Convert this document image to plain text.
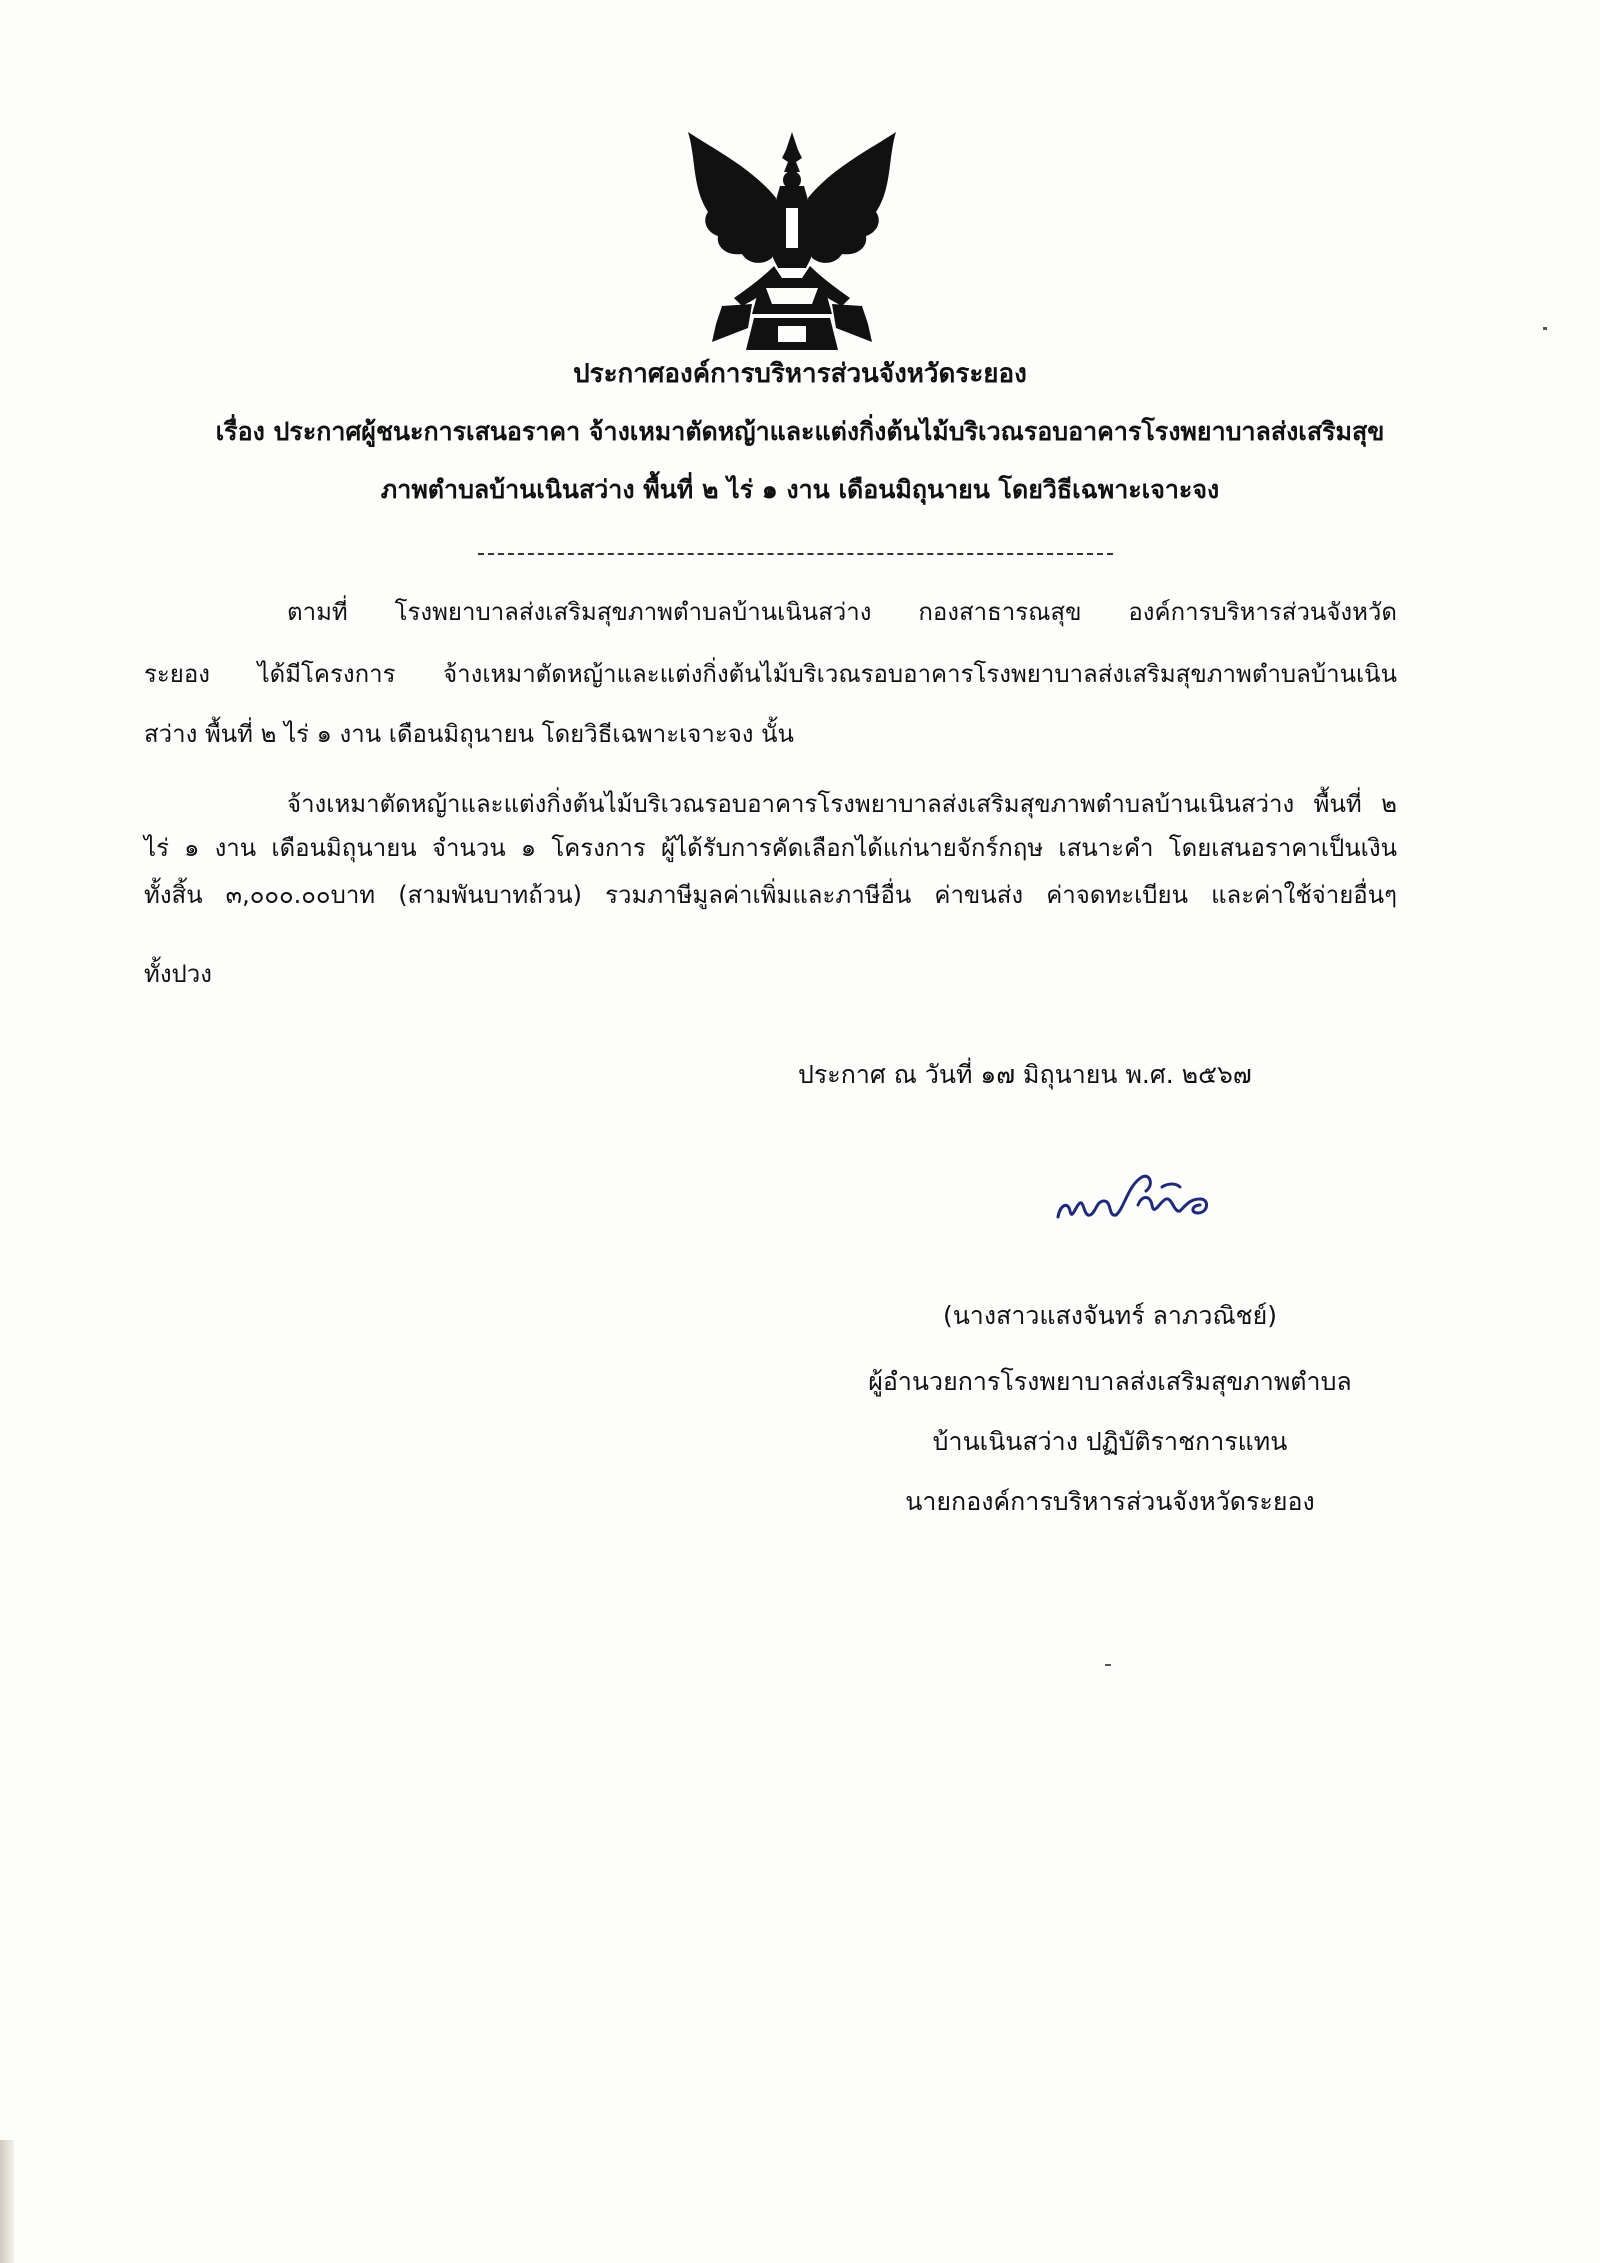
ประกาศองค์การบริหารส่วนจังหวัดระยอง
เรื่อง ประกาศผู้ชนะการเสนอราคา จ้างเหมาตัดหญ้าและแต่งกิ่งต้นไม้บริเวณรอบอาคารโรงพยาบาลส่งเสริมสุข
ภาพตำบลบ้านเนินสว่าง พื้นที่ ๒ ไร่ ๑ งาน เดือนมิถุนายน โดยวิธีเฉพาะเจาะจง
ตามที่ โรงพยาบาลส่งเสริมสุขภาพตำบลบ้านเนินสว่าง กองสาธารณสุข องค์การบริหารส่วนจังหวัด
ระยอง ได้มีโครงการ จ้างเหมาตัดหญ้าและแต่งกิ่งต้นไม้บริเวณรอบอาคารโรงพยาบาลส่งเสริมสุขภาพตำบลบ้านเนิน
สว่าง พื้นที่ ๒ ไร่ ๑ งาน เดือนมิถุนายน โดยวิธีเฉพาะเจาะจง นั้น
จ้างเหมาตัดหญ้าและแต่งกิ่งต้นไม้บริเวณรอบอาคารโรงพยาบาลส่งเสริมสุขภาพตำบลบ้านเนินสว่าง พื้นที่ ๒
ไร่ ๑ งาน เดือนมิถุนายน จำนวน ๑ โครงการ ผู้ได้รับการคัดเลือกได้แก่นายจักร์กฤษ เสนาะคำ โดยเสนอราคาเป็นเงิน
ทั้งสิ้น ๓,๐๐๐.๐๐บาท (สามพันบาทถ้วน) รวมภาษีมูลค่าเพิ่มและภาษีอื่น ค่าขนส่ง ค่าจดทะเบียน และค่าใช้จ่ายอื่นๆ
ทั้งปวง
ประกาศ ณ วันที่ ๑๗ มิถุนายน พ.ศ. ๒๕๖๗
(นางสาวแสงจันทร์ ลาภวณิชย์)
ผู้อำนวยการโรงพยาบาลส่งเสริมสุขภาพตำบล
บ้านเนินสว่าง ปฏิบัติราชการแทน
นายกองค์การบริหารส่วนจังหวัดระยอง
